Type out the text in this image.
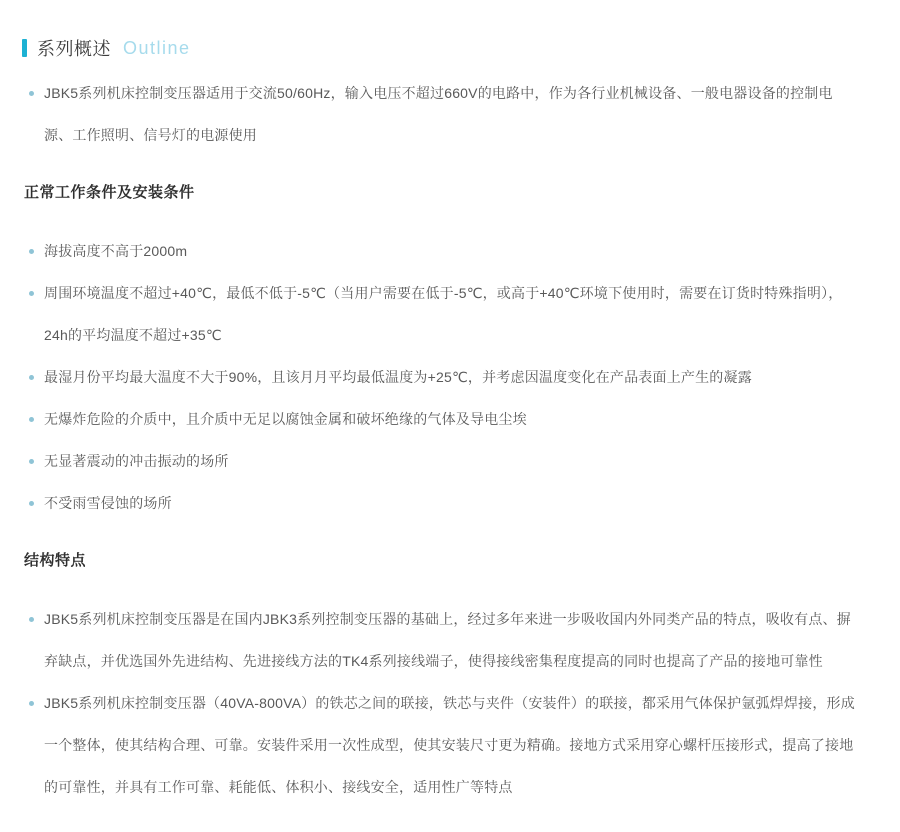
系列概述 Outline

JBK5系列机床控制变压器适用于交流50/60Hz，输入电压不超过660V的电路中，作为各行业机械设备、一般电器设备的控制电源、工作照明、信号灯的电源使用

正常工作条件及安装条件

海拔高度不高于2000m

周围环境温度不超过+40℃，最低不低于-5℃（当用户需要在低于-5℃，或高于+40℃环境下使用时，需要在订货时特殊指明），24h的平均温度不超过+35℃

最湿月份平均最大温度不大于90%，且该月月平均最低温度为+25℃，并考虑因温度变化在产品表面上产生的凝露

无爆炸危险的介质中，且介质中无足以腐蚀金属和破坏绝缘的气体及导电尘埃

无显著震动的冲击振动的场所

不受雨雪侵蚀的场所

结构特点

JBK5系列机床控制变压器是在国内JBK3系列控制变压器的基础上，经过多年来进一步吸收国内外同类产品的特点，吸收有点、摒弃缺点，并优选国外先进结构、先进接线方法的TK4系列接线端子，使得接线密集程度提高的同时也提高了产品的接地可靠性

JBK5系列机床控制变压器（40VA-800VA）的铁芯之间的联接，铁芯与夹件（安装件）的联接，都采用气体保护氩弧焊焊接，形成一个整体，使其结构合理、可靠。安装件采用一次性成型，使其安装尺寸更为精确。接地方式采用穿心螺杆压接形式，提高了接地的可靠性，并具有工作可靠、耗能低、体积小、接线安全，适用性广等特点
